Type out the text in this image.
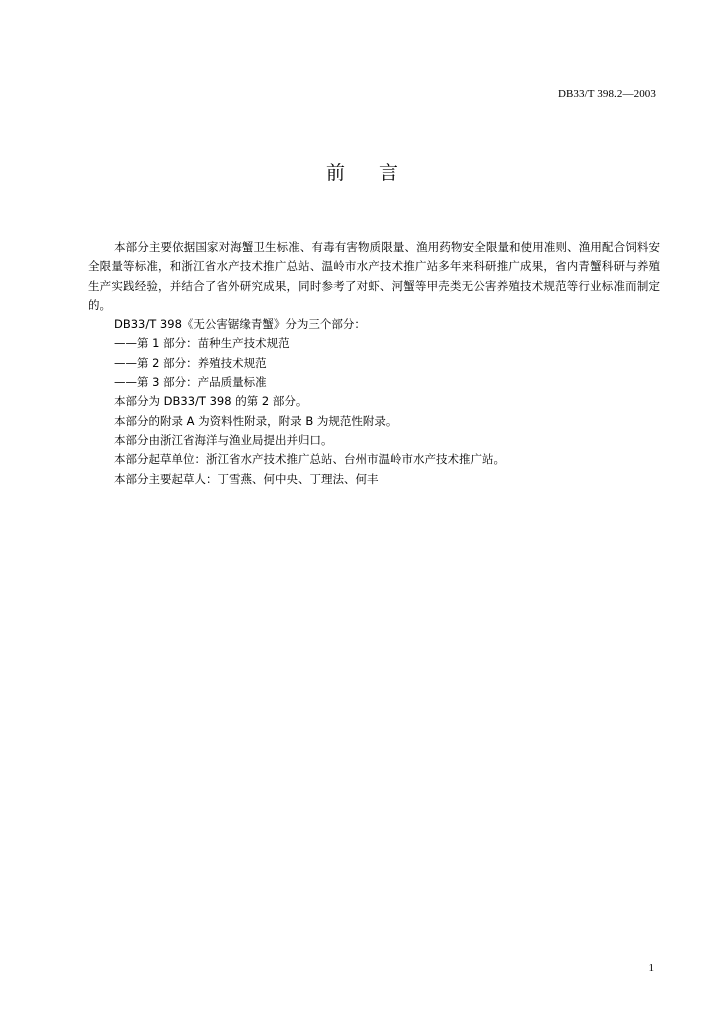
DB33/T 398.2—2003
前言

本部分主要依据国家对海蟹卫生标准、有毒有害物质限量、渔用药物安全限量和使用准则、渔用配合饲料安全限量等标准，和浙江省水产技术推广总站、温岭市水产技术推广站多年来科研推广成果，省内青蟹科研与养殖生产实践经验，并结合了省外研究成果，同时参考了对虾、河蟹等甲壳类无公害养殖技术规范等行业标准而制定的。

DB33/T 398《无公害锯缘青蟹》分为三个部分：

——第 1 部分：苗种生产技术规范

——第 2 部分：养殖技术规范

——第 3 部分：产品质量标准

本部分为 DB33/T 398 的第 2 部分。

本部分的附录 A 为资料性附录，附录 B 为规范性附录。

本部分由浙江省海洋与渔业局提出并归口。

本部分起草单位：浙江省水产技术推广总站、台州市温岭市水产技术推广站。

本部分主要起草人：丁雪燕、何中央、丁理法、何丰

1
